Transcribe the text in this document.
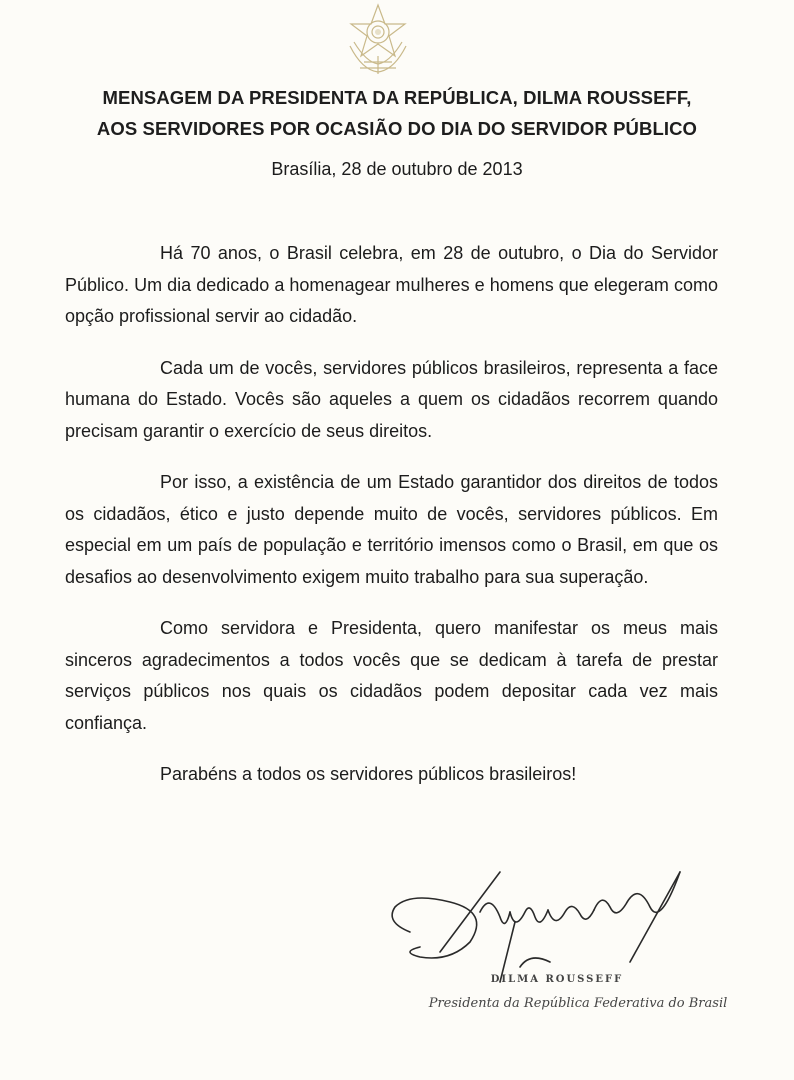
MENSAGEM DA PRESIDENTA DA REPÚBLICA, DILMA ROUSSEFF,
AOS SERVIDORES POR OCASIÃO DO DIA DO SERVIDOR PÚBLICO
Brasília, 28 de outubro de 2013

Há 70 anos, o Brasil celebra, em 28 de outubro, o Dia do Servidor Público. Um dia dedicado a homenagear mulheres e homens que elegeram como opção profissional servir ao cidadão.

Cada um de vocês, servidores públicos brasileiros, representa a face humana do Estado. Vocês são aqueles a quem os cidadãos recorrem quando precisam garantir o exercício de seus direitos.

Por isso, a existência de um Estado garantidor dos direitos de todos os cidadãos, ético e justo depende muito de vocês, servidores públicos. Em especial em um país de população e território imensos como o Brasil, em que os desafios ao desenvolvimento exigem muito trabalho para sua superação.

Como servidora e Presidenta, quero manifestar os meus mais sinceros agradecimentos a todos vocês que se dedicam à tarefa de prestar serviços públicos nos quais os cidadãos podem depositar cada vez mais confiança.

Parabéns a todos os servidores públicos brasileiros!

DILMA ROUSSEFF
Presidenta da República Federativa do Brasil
